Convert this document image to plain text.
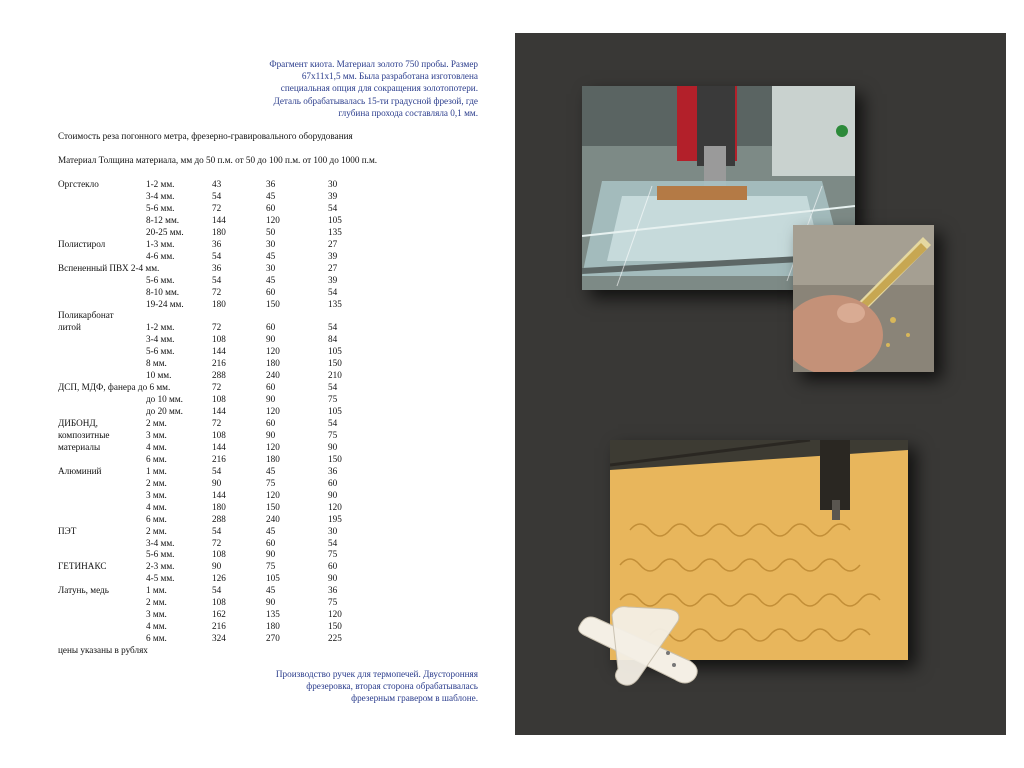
Фрагмент киота. Материал золото 750 пробы. Размер
67х11х1,5 мм. Была разработана изготовлена
специальная опция для сокращения золотопотери.
Деталь обрабатывалась 15-ти градусной фрезой, где
глубина прохода составляла 0,1 мм.
Стоимость реза погонного метра, фрезерно-гравировального оборудования
Материал Толщина материала, мм до 50 п.м. от 50 до 100 п.м. от 100 до 1000 п.м.
Оргстекло	1-2 мм.	43	36	30
3-4 мм.	54	45	39
5-6 мм.	72	60	54
8-12 мм.	144	120	105
20-25 мм.	180	50	135
Полистирол	1-3 мм.	36	30	27
4-6 мм.	54	45	39
Вспененный ПВХ 2-4 мм.	36	30	27
5-6 мм.	54	45	39
8-10 мм.	72	60	54
19-24 мм.	180	150	135
Поликарбонат
литой	1-2 мм.	72	60	54
3-4 мм.	108	90	84
5-6 мм.	144	120	105
8 мм.	216	180	150
10 мм.	288	240	210
ДСП, МДФ, фанера до 6 мм.	72	60	54
до 10 мм.	108	90	75
до 20 мм.	144	120	105
ДИБОНД,	2 мм.	72	60	54
композитные	3 мм.	108	90	75
материалы	4 мм.	144	120	90
6 мм.	216	180	150
Алюминий	1 мм.	54	45	36
2 мм.	90	75	60
3 мм.	144	120	90
4 мм.	180	150	120
6 мм.	288	240	195
ПЭТ	2 мм.	54	45	30
3-4 мм.	72	60	54
5-6 мм.	108	90	75
ГЕТИНАКС	2-3 мм.	90	75	60
4-5 мм.	126	105	90
Латунь, медь	1 мм.	54	45	36
2 мм.	108	90	75
3 мм.	162	135	120
4 мм.	216	180	150
6 мм.	324	270	225
цены указаны в рублях
Производство ручек для термопечей. Двусторонняя
фрезеровка, вторая сторона обрабатывалась
фрезерным гравером в шаблоне.
